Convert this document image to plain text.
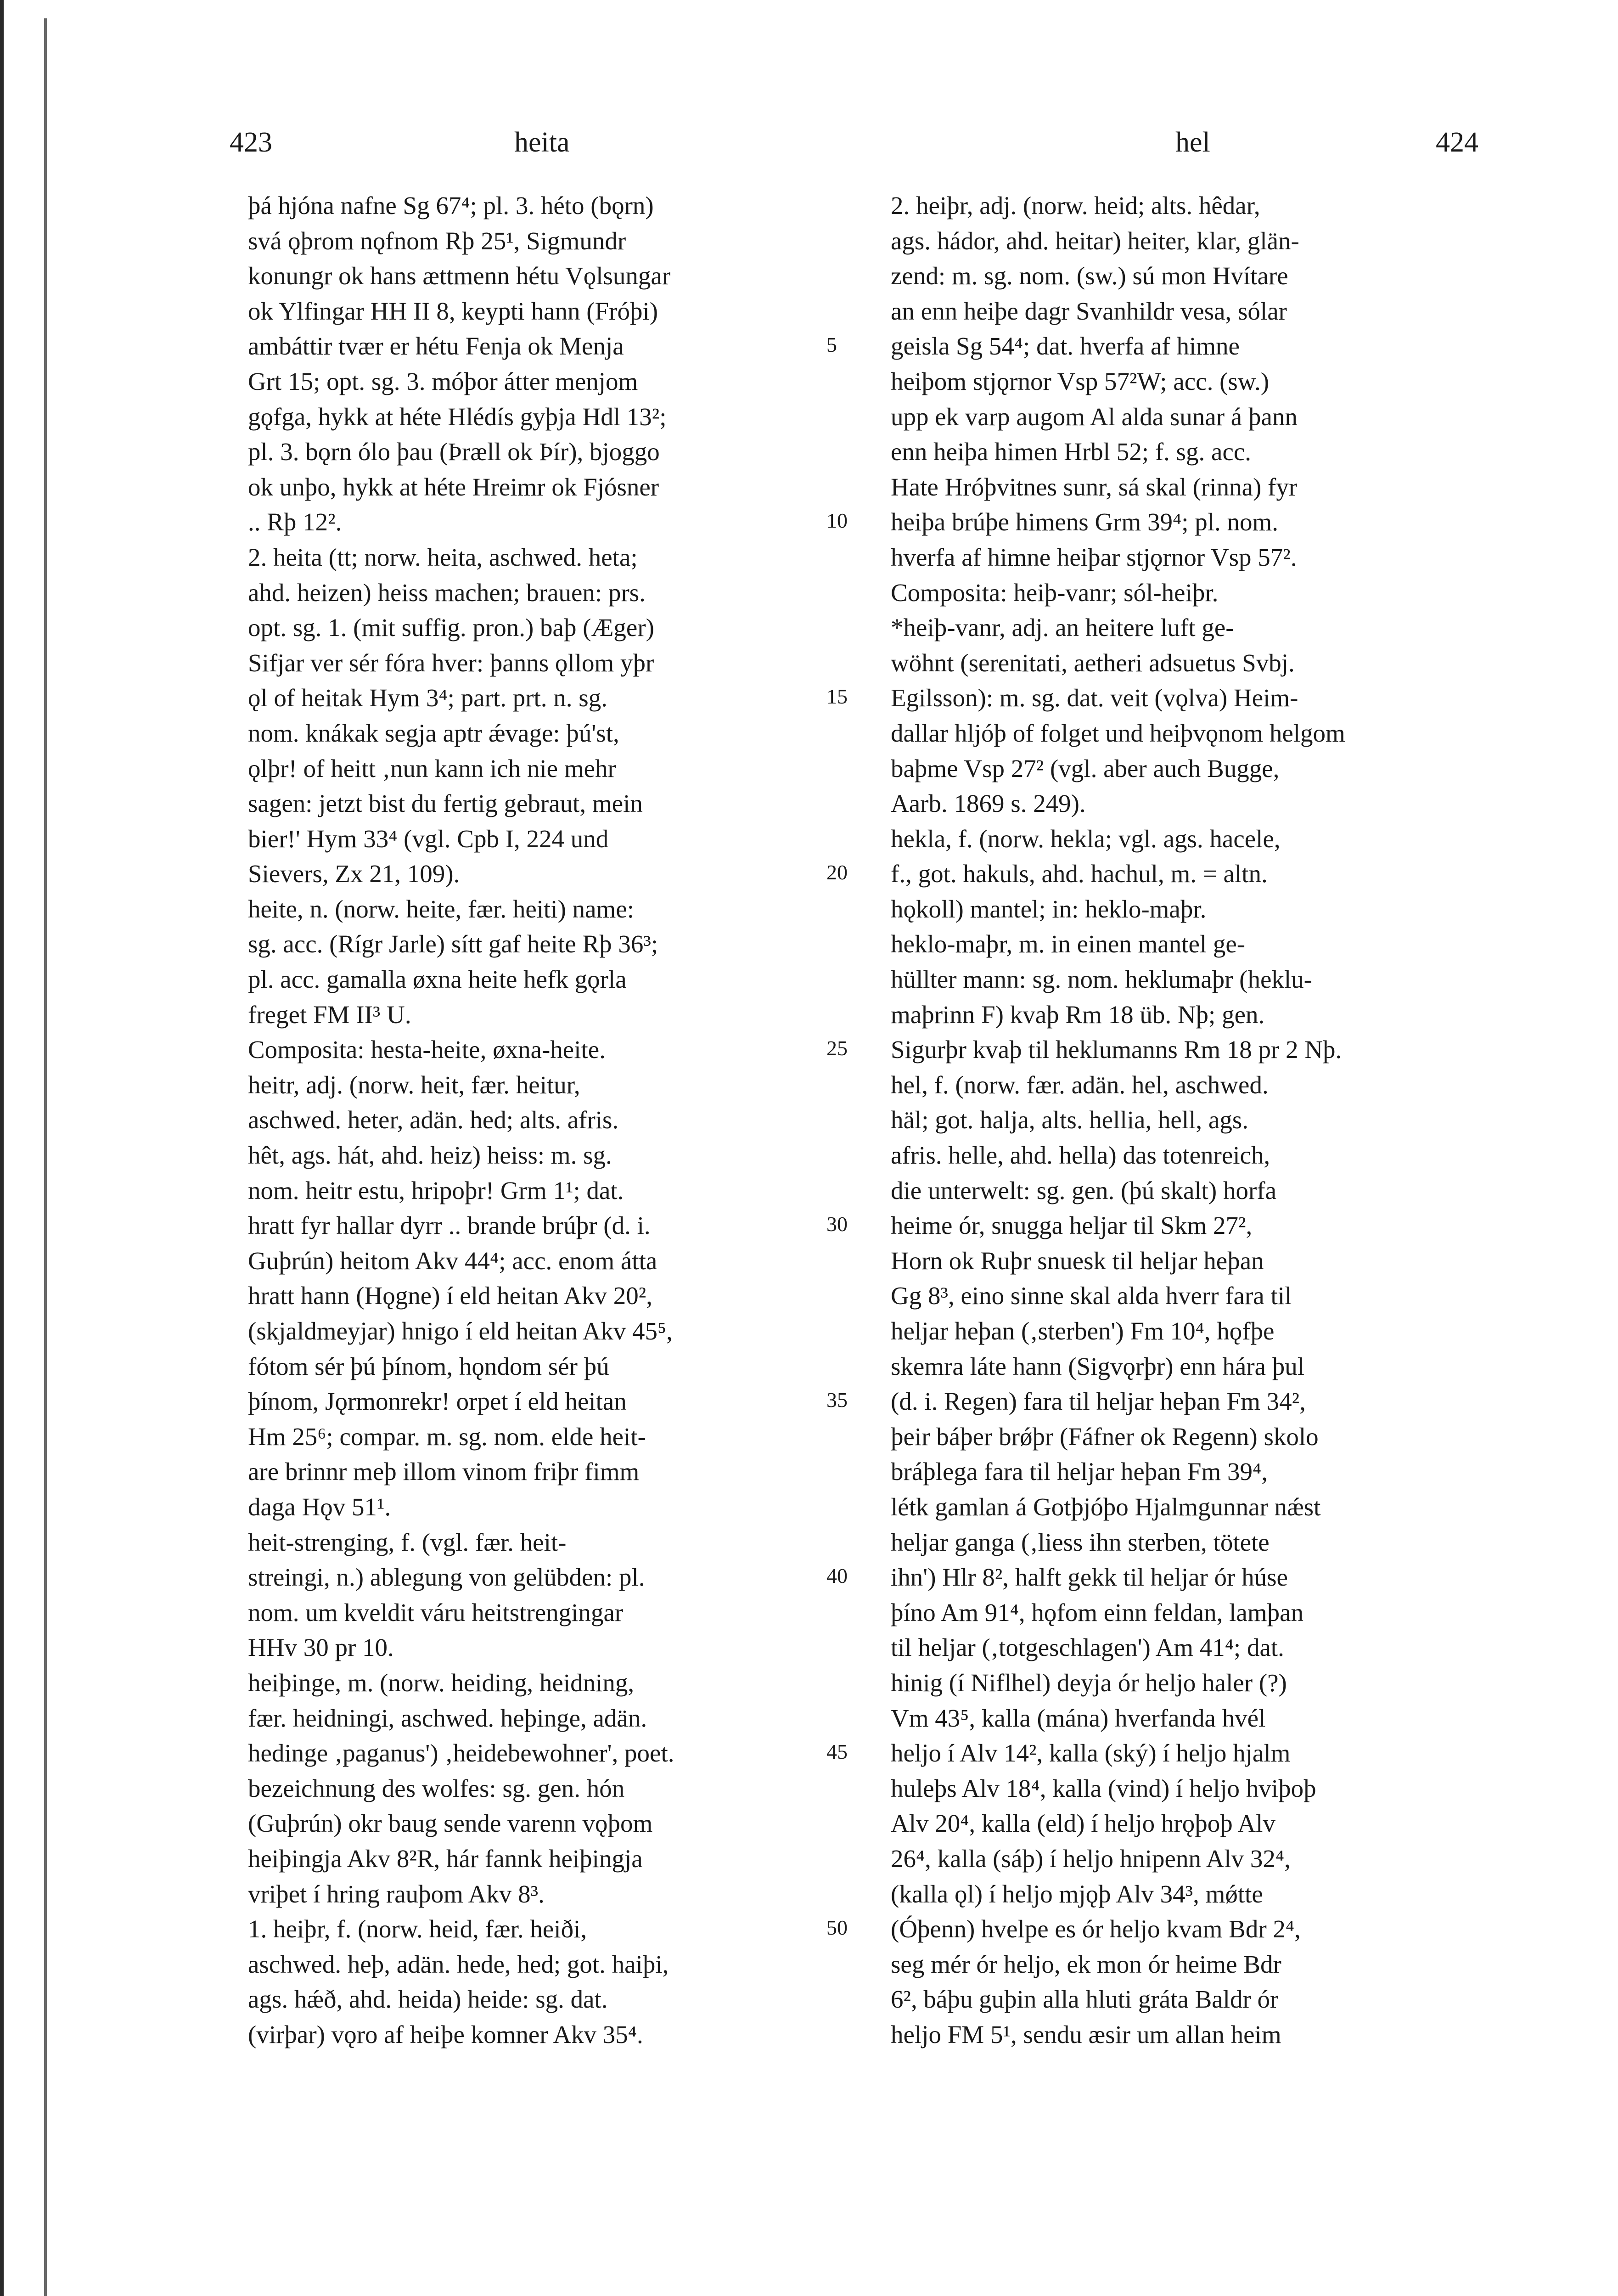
423	heita	hel	424
þá hjóna nafne Sg 67⁴; pl. 3. héto (bǫrn)
svá ǫþrom nǫfnom Rþ 25¹, Sigmundr
konungr ok hans ættmenn hétu Vǫlsungar
ok Ylfingar HH II 8, keypti hann (Fróþi)
ambáttir tvær er hétu Fenja ok Menja
Grt 15; opt. sg. 3. móþor átter menjom
gǫfga, hykk at héte Hlédís gyþja Hdl 13²;
pl. 3. bǫrn ólo þau (Þræll ok Þír), bjoggo
ok unþo, hykk at héte Hreimr ok Fjósner
.. Rþ 12².
2. heita (tt; norw. heita, aschwed. heta;
ahd. heizen) heiss machen; brauen: prs.
opt. sg. 1. (mit suffig. pron.) baþ (Æger)
Sifjar ver sér fóra hver: þanns ǫllom yþr
ǫl of heitak Hym 3⁴; part. prt. n. sg.
nom. knákak segja aptr ǽvage: þú'st,
ǫlþr! of heitt ‚nun kann ich nie mehr
sagen: jetzt bist du fertig gebraut, mein
bier!' Hym 33⁴ (vgl. Cpb I, 224 und
Sievers, Zx 21, 109).
heite, n. (norw. heite, fær. heiti) name:
sg. acc. (Rígr Jarle) sítt gaf heite Rþ 36³;
pl. acc. gamalla øxna heite hefk gǫrla
freget FM II³ U.
Composita: hesta-heite, øxna-heite.
heitr, adj. (norw. heit, fær. heitur,
aschwed. heter, adän. hed; alts. afris.
hêt, ags. hát, ahd. heiz) heiss: m. sg.
nom. heitr estu, hripoþr! Grm 1¹; dat.
hratt fyr hallar dyrr .. brande brúþr (d. i.
Guþrún) heitom Akv 44⁴; acc. enom átta
hratt hann (Hǫgne) í eld heitan Akv 20²,
(skjaldmeyjar) hnigo í eld heitan Akv 45⁵,
fótom sér þú þínom, hǫndom sér þú
þínom, Jǫrmonrekr! orpet í eld heitan
Hm 25⁶; compar. m. sg. nom. elde heit-
are brinnr meþ illom vinom friþr fimm
daga Hǫv 51¹.
heit-strenging, f. (vgl. fær. heit-
streingi, n.) ablegung von gelübden: pl.
nom. um kveldit váru heitstrengingar
HHv 30 pr 10.
heiþinge, m. (norw. heiding, heidning,
fær. heidningi, aschwed. heþinge, adän.
hedinge ‚paganus') ‚heidebewohner', poet.
bezeichnung des wolfes: sg. gen. hón
(Guþrún) okr baug sende varenn vǫþom
heiþingja Akv 8²R, hár fannk heiþingja
vriþet í hring rauþom Akv 8³.
1. heiþr, f. (norw. heid, fær. heiði,
aschwed. heþ, adän. hede, hed; got. haiþi,
ags. hǽð, ahd. heida) heide: sg. dat.
(virþar) vǫro af heiþe komner Akv 35⁴.
5
10
15
20
25
30
35
40
45
50
2. heiþr, adj. (norw. heid; alts. hêdar,
ags. hádor, ahd. heitar) heiter, klar, glän-
zend: m. sg. nom. (sw.) sú mon Hvítare
an enn heiþe dagr Svanhildr vesa, sólar
geisla Sg 54⁴; dat. hverfa af himne
heiþom stjǫrnor Vsp 57²W; acc. (sw.)
upp ek varp augom Al alda sunar á þann
enn heiþa himen Hrbl 52; f. sg. acc.
Hate Hróþvitnes sunr, sá skal (rinna) fyr
heiþa brúþe himens Grm 39⁴; pl. nom.
hverfa af himne heiþar stjǫrnor Vsp 57².
Composita: heiþ-vanr; sól-heiþr.
*heiþ-vanr, adj. an heitere luft ge-
wöhnt (serenitati, aetheri adsuetus Svbj.
Egilsson): m. sg. dat. veit (vǫlva) Heim-
dallar hljóþ of folget und heiþvǫnom helgom
baþme Vsp 27² (vgl. aber auch Bugge,
Aarb. 1869 s. 249).
hekla, f. (norw. hekla; vgl. ags. hacele,
f., got. hakuls, ahd. hachul, m. = altn.
hǫkoll) mantel; in: heklo-maþr.
heklo-maþr, m. in einen mantel ge-
hüllter mann: sg. nom. heklumaþr (heklu-
maþrinn F) kvaþ Rm 18 üb. Nþ; gen.
Sigurþr kvaþ til heklumanns Rm 18 pr 2 Nþ.
hel, f. (norw. fær. adän. hel, aschwed.
häl; got. halja, alts. hellia, hell, ags.
afris. helle, ahd. hella) das totenreich,
die unterwelt: sg. gen. (þú skalt) horfa
heime ór, snugga heljar til Skm 27²,
Horn ok Ruþr snuesk til heljar heþan
Gg 8³, eino sinne skal alda hverr fara til
heljar heþan (‚sterben') Fm 10⁴, hǫfþe
skemra láte hann (Sigvǫrþr) enn hára þul
(d. i. Regen) fara til heljar heþan Fm 34²,
þeir báþer brǿþr (Fáfner ok Regenn) skolo
bráþlega fara til heljar heþan Fm 39⁴,
létk gamlan á Gotþjóþo Hjalmgunnar nǽst
heljar ganga (‚liess ihn sterben, tötete
ihn') Hlr 8², halft gekk til heljar ór húse
þíno Am 91⁴, hǫfom einn feldan, lamþan
til heljar (‚totgeschlagen') Am 41⁴; dat.
hinig (í Niflhel) deyja ór heljo haler (?)
Vm 43⁵, kalla (mána) hverfanda hvél
heljo í Alv 14², kalla (ský) í heljo hjalm
huleþs Alv 18⁴, kalla (vind) í heljo hviþoþ
Alv 20⁴, kalla (eld) í heljo hrǫþoþ Alv
26⁴, kalla (sáþ) í heljo hnipenn Alv 32⁴,
(kalla ǫl) í heljo mjǫþ Alv 34³, mǿtte
(Óþenn) hvelpe es ór heljo kvam Bdr 2⁴,
seg mér ór heljo, ek mon ór heime Bdr
6², báþu guþin alla hluti gráta Baldr ór
heljo FM 5¹, sendu æsir um allan heim
